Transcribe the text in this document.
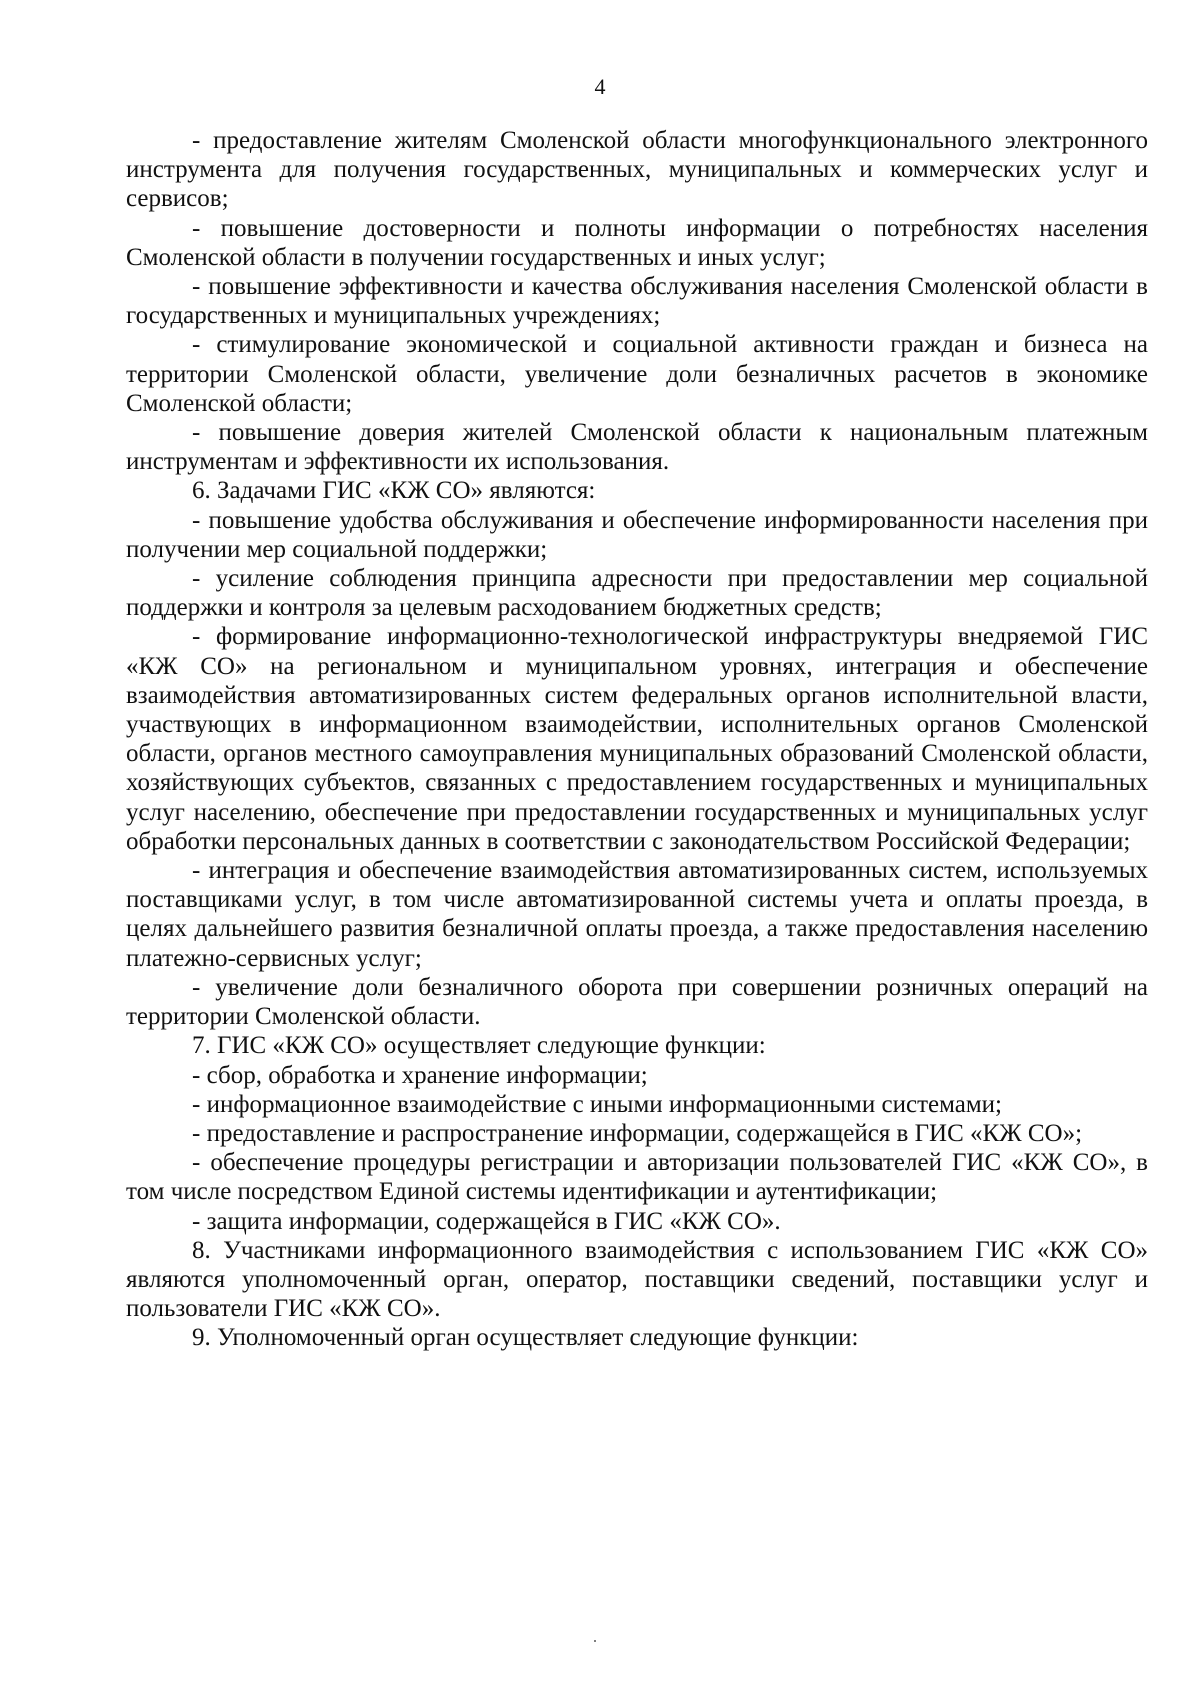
4

- предоставление жителям Смоленской области многофункционального электронного инструмента для получения государственных, муниципальных и коммерческих услуг и сервисов;

- повышение достоверности и полноты информации о потребностях населения Смоленской области в получении государственных и иных услуг;

- повышение эффективности и качества обслуживания населения Смоленской области в государственных и муниципальных учреждениях;

- стимулирование экономической и социальной активности граждан и бизнеса на территории Смоленской области, увеличение доли безналичных расчетов в экономике Смоленской области;

- повышение доверия жителей Смоленской области к национальным платежным инструментам и эффективности их использования.

6. Задачами ГИС «КЖ СО» являются:

- повышение удобства обслуживания и обеспечение информированности населения при получении мер социальной поддержки;

- усиление соблюдения принципа адресности при предоставлении мер социальной поддержки и контроля за целевым расходованием бюджетных средств;

- формирование информационно-технологической инфраструктуры внедряемой ГИС «КЖ СО» на региональном и муниципальном уровнях, интеграция и обеспечение взаимодействия автоматизированных систем федеральных органов исполнительной власти, участвующих в информационном взаимодействии, исполнительных органов Смоленской области, органов местного самоуправления муниципальных образований Смоленской области, хозяйствующих субъектов, связанных с предоставлением государственных и муниципальных услуг населению, обеспечение при предоставлении государственных и муниципальных услуг обработки персональных данных в соответствии с законодательством Российской Федерации;

- интеграция и обеспечение взаимодействия автоматизированных систем, используемых поставщиками услуг, в том числе автоматизированной системы учета и оплаты проезда, в целях дальнейшего развития безналичной оплаты проезда, а также предоставления населению платежно-сервисных услуг;

- увеличение доли безналичного оборота при совершении розничных операций на территории Смоленской области.

7. ГИС «КЖ СО» осуществляет следующие функции:

- сбор, обработка и хранение информации;

- информационное взаимодействие с иными информационными системами;

- предоставление и распространение информации, содержащейся в ГИС «КЖ СО»;

- обеспечение процедуры регистрации и авторизации пользователей ГИС «КЖ СО», в том числе посредством Единой системы идентификации и аутентификации;

- защита информации, содержащейся в ГИС «КЖ СО».

8. Участниками информационного взаимодействия с использованием ГИС «КЖ СО» являются уполномоченный орган, оператор, поставщики сведений, поставщики услуг и пользователи ГИС «КЖ СО».

9. Уполномоченный орган осуществляет следующие функции:
